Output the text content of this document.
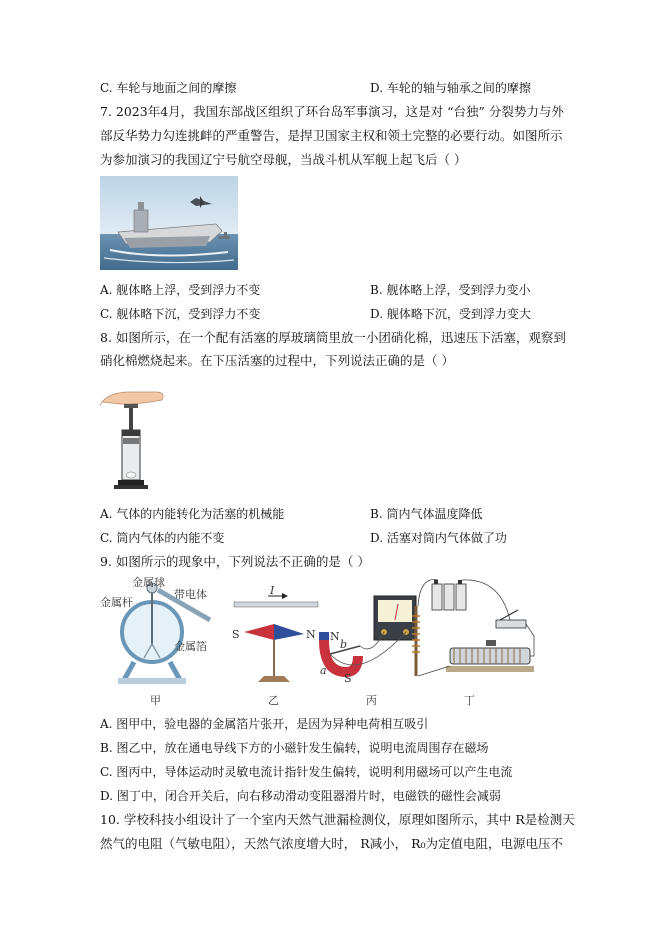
C. 车轮与地面之间的摩擦	D. 车轮的轴与轴承之间的摩擦
7. 2023年4月，我国东部战区组织了环台岛军事演习，这是对 “台独” 分裂势力与外
部反华势力勾连挑衅的严重警告，是捍卫国家主权和领土完整的必要行动。如图所示
为参加演习的我国辽宁号航空母舰，当战斗机从军舰上起飞后（ ）
A. 舰体略上浮，受到浮力不变	B. 舰体略上浮，受到浮力变小
C. 舰体略下沉，受到浮力不变	D. 舰体略下沉，受到浮力变大
8. 如图所示，在一个配有活塞的厚玻璃筒里放一小团硝化棉，迅速压下活塞，观察到
硝化棉燃烧起来。在下压活塞的过程中，下列说法正确的是（ ）
A. 气体的内能转化为活塞的机械能	B. 筒内气体温度降低
C. 筒内气体的内能不变	D. 活塞对筒内气体做了功
9. 如图所示的现象中，下列说法不正确的是（ ）
金属球
金属杆
带电体
金属箔
甲
I
S	N
乙
b
a
N
S
丙	丁
A. 图甲中，验电器的金属箔片张开，是因为异种电荷相互吸引
B. 图乙中，放在通电导线下方的小磁针发生偏转，说明电流周围存在磁场
C. 图丙中，导体运动时灵敏电流计指针发生偏转，说明利用磁场可以产生电流
D. 图丁中，闭合开关后，向右移动滑动变阻器滑片时，电磁铁的磁性会减弱
10. 学校科技小组设计了一个室内天然气泄漏检测仪，原理如图所示，其中 R是检测天
然气的电阻（气敏电阻），天然气浓度增大时， R减小， R₀为定值电阻，电源电压不
